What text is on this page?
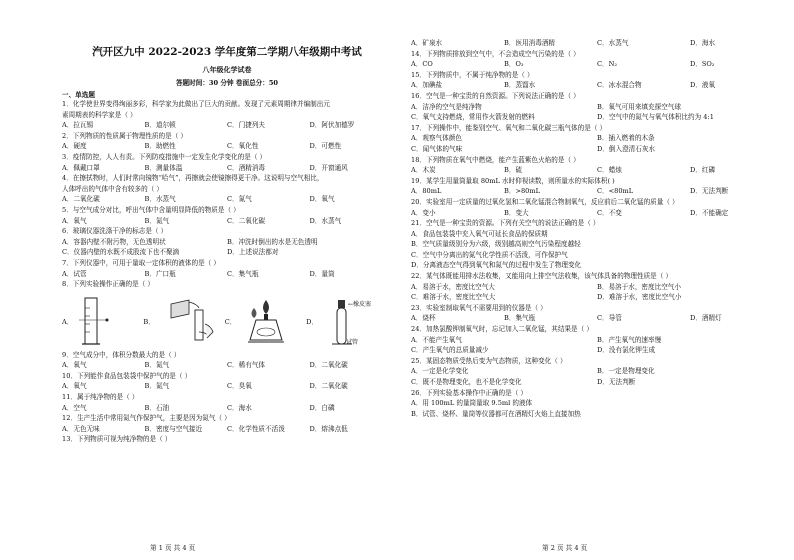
汽开区九中 2022-2023 学年度第二学期八年级期中考试
八年级化学试卷
答题时间：30 分钟 卷面总分：50
一、单选题
1．化学使世界变得绚丽多彩，科学家为此做出了巨大的贡献。发现了元素周期律并编制出元
素周期表的科学家是（ ）
A．拉瓦锡	B．道尔顿	C．门捷列夫	D．阿伏加德罗
2．下列物质的性质属于物理性质的是（ ）
A．硬度	B．助燃性	C．氧化性	D．可燃性
3．疫情防控，人人有责。下列防疫措施中一定发生化学变化的是（ ）
A．佩戴口罩	B．测量体温	C．酒精消毒	D．开窗通风
4．在擦拭物时，人们时常向镜物“哈气”，再擦就会使镜擦得更干净。这说明与空气相比，
人体呼出的气体中含有较多的（ ）
A．二氧化碳	B．水蒸气	C．氮气	D．氧气
5．与空气成分对比，呼出气体中含量明显降低的物质是（ ）
A．氧气	B．氮气	C．二氧化碳	D．水蒸气
6．玻璃仪器洗涤干净的标志是（ ）
A．容器内壁不附污物，无色透明状	B．冲洗时倒出的水是无色透明
C．仪器内壁的水既不成股流下也不聚滴	D．上述说法都对
7．下列仪器中，可用于量取一定体积的液体的是（ ）
A．试管	B．广口瓶	C．集气瓶	D．量筒
8．下列实验操作正确的是（ ）
A．	B．	C．	D．
←橡皮塞
试管
9．空气成分中，体积分数最大的是（ ）
A．氧气	B．氮气	C．稀有气体	D．二氧化碳
10．下列能作食品包装袋中保护气的是（ ）
A．氧气	B．氮气	C．臭氧	D．二氧化碳
11．属于纯净物的是（ ）
A．空气	B．石油	C．海水	D．白磷
12．生产生活中常用氮气作保护气，主要是因为氮气（ ）
A．无色无味	B．密度与空气接近	C．化学性质不活泼	D．熔沸点低
13．下列物质可视为纯净物的是（ ）
第 1 页 共 4 页
A．矿泉水	B．医用消毒酒精	C．水蒸气	D．海水
14．下列物质排放到空气中，不会造成空气污染的是（ ）
A．CO	B．O₃	C．N₂	D．SO₂
15．下列物质中，不属于纯净物的是（ ）
A．加碘盐	B．蒸馏水	C．冰水混合物	D．液氧
16．空气是一种宝贵的自然资源。下列说法正确的是（ ）
A．洁净的空气是纯净物	B．氧气可用来填充探空气球
C．氧气支持燃烧，常用作火箭发射的燃料	D．空气中的氮气与氧气体积比约为 4:1
17．下列操作中，能鉴别空气、氧气和二氧化碳三瓶气体的是（ ）
A．观察气体颜色	B．插入燃着的木条
C．闻气体的气味	D．倒入澄清石灰水
18．下列物质在氧气中燃烧，能产生蓝紫色火焰的是（ ）
A．木炭	B．硫	C．蜡烛	D．红磷
19．某学生用量筒量取 80mL 水时仰视读数，则所量水的实际体积( )
A．80mL	B．>80mL	C．<80mL	D．无法判断
20．实验室用一定质量的过氧化氢和二氧化锰混合物制氧气，反应前后二氧化锰的质量（ ）
A．变小	B．变大	C．不变	D．不能确定
21．空气是一种宝贵的资源。下列有关空气的说法正确的是（ ）
A．食品包装袋中充入氧气可延长食品的保质期
B．空气质量级别分为六级，级别越高则空气污染程度越轻
C．空气中分离出的氮气化学性质不活泼，可作保护气
D．分离液态空气得到氧气和氮气的过程中发生了物理变化
22．某气体既能用排水法收集，又能用向上排空气法收集，该气体具备的物理性质是（ ）
A．易溶于水，密度比空气大	B．易溶于水，密度比空气小
C．难溶于水，密度比空气大	D．难溶于水，密度比空气小
23．实验室制取氧气不需要用到的仪器是（ ）
A．烧杯	B．集气瓶	C．导管	D．酒精灯
24．加热氯酸钾制氧气时，忘记加入二氧化锰，其结果是（ ）
A．不能产生氧气	B．产生氧气的速率慢
C．产生氧气的总质量减少	D．没有氯化钾生成
25．某固态物质受热后变为气态物质，这种变化（ ）
A．一定是化学变化	B．一定是物理变化
C．既不是物理变化，也不是化学变化	D．无法判断
26．下列实验基本操作中正确的是（ ）
A．用 100mL 的量筒量取 9.5ml 的液体
B．试管、烧杯、量筒等仪器都可在酒精灯火焰上直接加热
第 2 页 共 4 页
